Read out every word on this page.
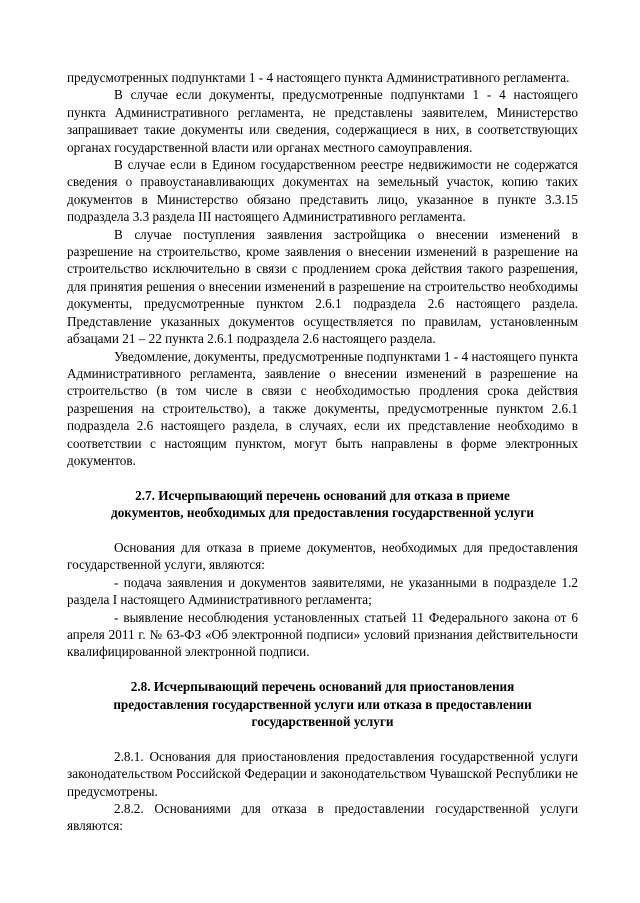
предусмотренных подпунктами 1 - 4 настоящего пункта Административного регламента.

В случае если документы, предусмотренные подпунктами 1 - 4 настоящего пункта Административного регламента, не представлены заявителем, Министерство запрашивает такие документы или сведения, содержащиеся в них, в соответствующих органах государственной власти или органах местного самоуправления.

В случае если в Едином государственном реестре недвижимости не содержатся сведения о правоустанавливающих документах на земельный участок, копию таких документов в Министерство обязано представить лицо, указанное в пункте 3.3.15 подраздела 3.3 раздела III настоящего Административного регламента.

В случае поступления заявления застройщика о внесении изменений в разрешение на строительство, кроме заявления о внесении изменений в разрешение на строительство исключительно в связи с продлением срока действия такого разрешения, для принятия решения о внесении изменений в разрешение на строительство необходимы документы, предусмотренные пунктом 2.6.1 подраздела 2.6 настоящего раздела. Представление указанных документов осуществляется по правилам, установленным абзацами 21 – 22 пункта 2.6.1 подраздела 2.6 настоящего раздела.

Уведомление, документы, предусмотренные подпунктами 1 - 4 настоящего пункта Административного регламента, заявление о внесении изменений в разрешение на строительство (в том числе в связи с необходимостью продления срока действия разрешения на строительство), а также документы, предусмотренные пунктом 2.6.1 подраздела 2.6 настоящего раздела, в случаях, если их представление необходимо в соответствии с настоящим пунктом, могут быть направлены в форме электронных документов.

2.7. Исчерпывающий перечень оснований для отказа в приеме

документов, необходимых для предоставления государственной услуги

Основания для отказа в приеме документов, необходимых для предоставления государственной услуги, являются:

- подача заявления и документов заявителями, не указанными в подразделе 1.2 раздела I настоящего Административного регламента;

- выявление несоблюдения установленных статьей 11 Федерального закона от 6 апреля 2011 г. № 63-ФЗ «Об электронной подписи» условий признания действительности квалифицированной электронной подписи.

2.8. Исчерпывающий перечень оснований для приостановления

предоставления государственной услуги или отказа в предоставлении

государственной услуги

2.8.1. Основания для приостановления предоставления государственной услуги законодательством Российской Федерации и законодательством Чувашской Республики не предусмотрены.

2.8.2. Основаниями для отказа в предоставлении государственной услуги являются:
